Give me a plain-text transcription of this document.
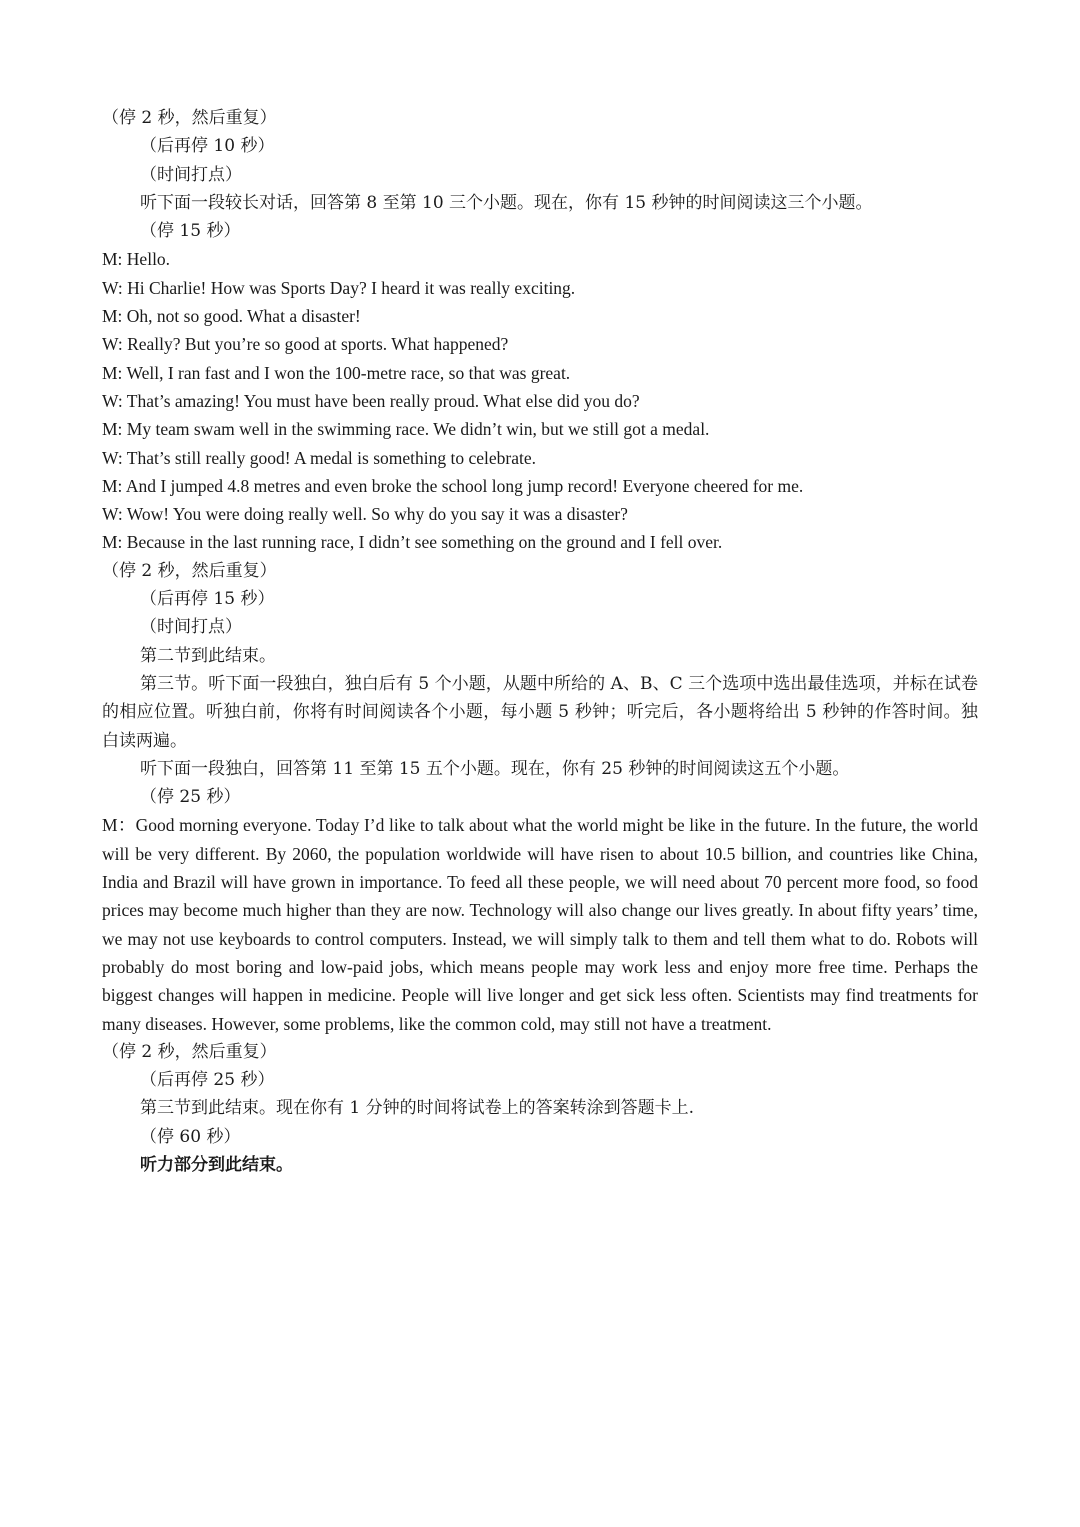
（停 2 秒，然后重复）
（后再停 10 秒）
（时间打点）
听下面一段较长对话，回答第 8 至第 10 三个小题。现在，你有 15 秒钟的时间阅读这三个小题。
（停 15 秒）
M: Hello.
W: Hi Charlie! How was Sports Day? I heard it was really exciting.
M: Oh, not so good. What a disaster!
W: Really? But you’re so good at sports. What happened?
M: Well, I ran fast and I won the 100-metre race, so that was great.
W: That’s amazing! You must have been really proud. What else did you do?
M: My team swam well in the swimming race. We didn’t win, but we still got a medal.
W: That’s still really good! A medal is something to celebrate.
M: And I jumped 4.8 metres and even broke the school long jump record! Everyone cheered for me.
W: Wow! You were doing really well. So why do you say it was a disaster?
M: Because in the last running race, I didn’t see something on the ground and I fell over.
（停 2 秒，然后重复）
（后再停 15 秒）
（时间打点）
第二节到此结束。
第三节。听下面一段独白，独白后有 5 个小题，从题中所给的 A、B、C 三个选项中选出最佳选项，并标在试卷的相应位置。听独白前，你将有时间阅读各个小题，每小题 5 秒钟；听完后，各小题将给出 5 秒钟的作答时间。独白读两遍。
听下面一段独白，回答第 11 至第 15 五个小题。现在，你有 25 秒钟的时间阅读这五个小题。
（停 25 秒）
M：Good morning everyone. Today I’d like to talk about what the world might be like in the future. In the future, the world will be very different. By 2060, the population worldwide will have risen to about 10.5 billion, and countries like China, India and Brazil will have grown in importance. To feed all these people, we will need about 70 percent more food, so food prices may become much higher than they are now. Technology will also change our lives greatly. In about fifty years’ time, we may not use keyboards to control computers. Instead, we will simply talk to them and tell them what to do. Robots will probably do most boring and low-paid jobs, which means people may work less and enjoy more free time. Perhaps the biggest changes will happen in medicine. People will live longer and get sick less often. Scientists may find treatments for many diseases. However, some problems, like the common cold, may still not have a treatment.
（停 2 秒，然后重复）
（后再停 25 秒）
第三节到此结束。现在你有 1 分钟的时间将试卷上的答案转涂到答题卡上.
（停 60 秒）
听力部分到此结束。
